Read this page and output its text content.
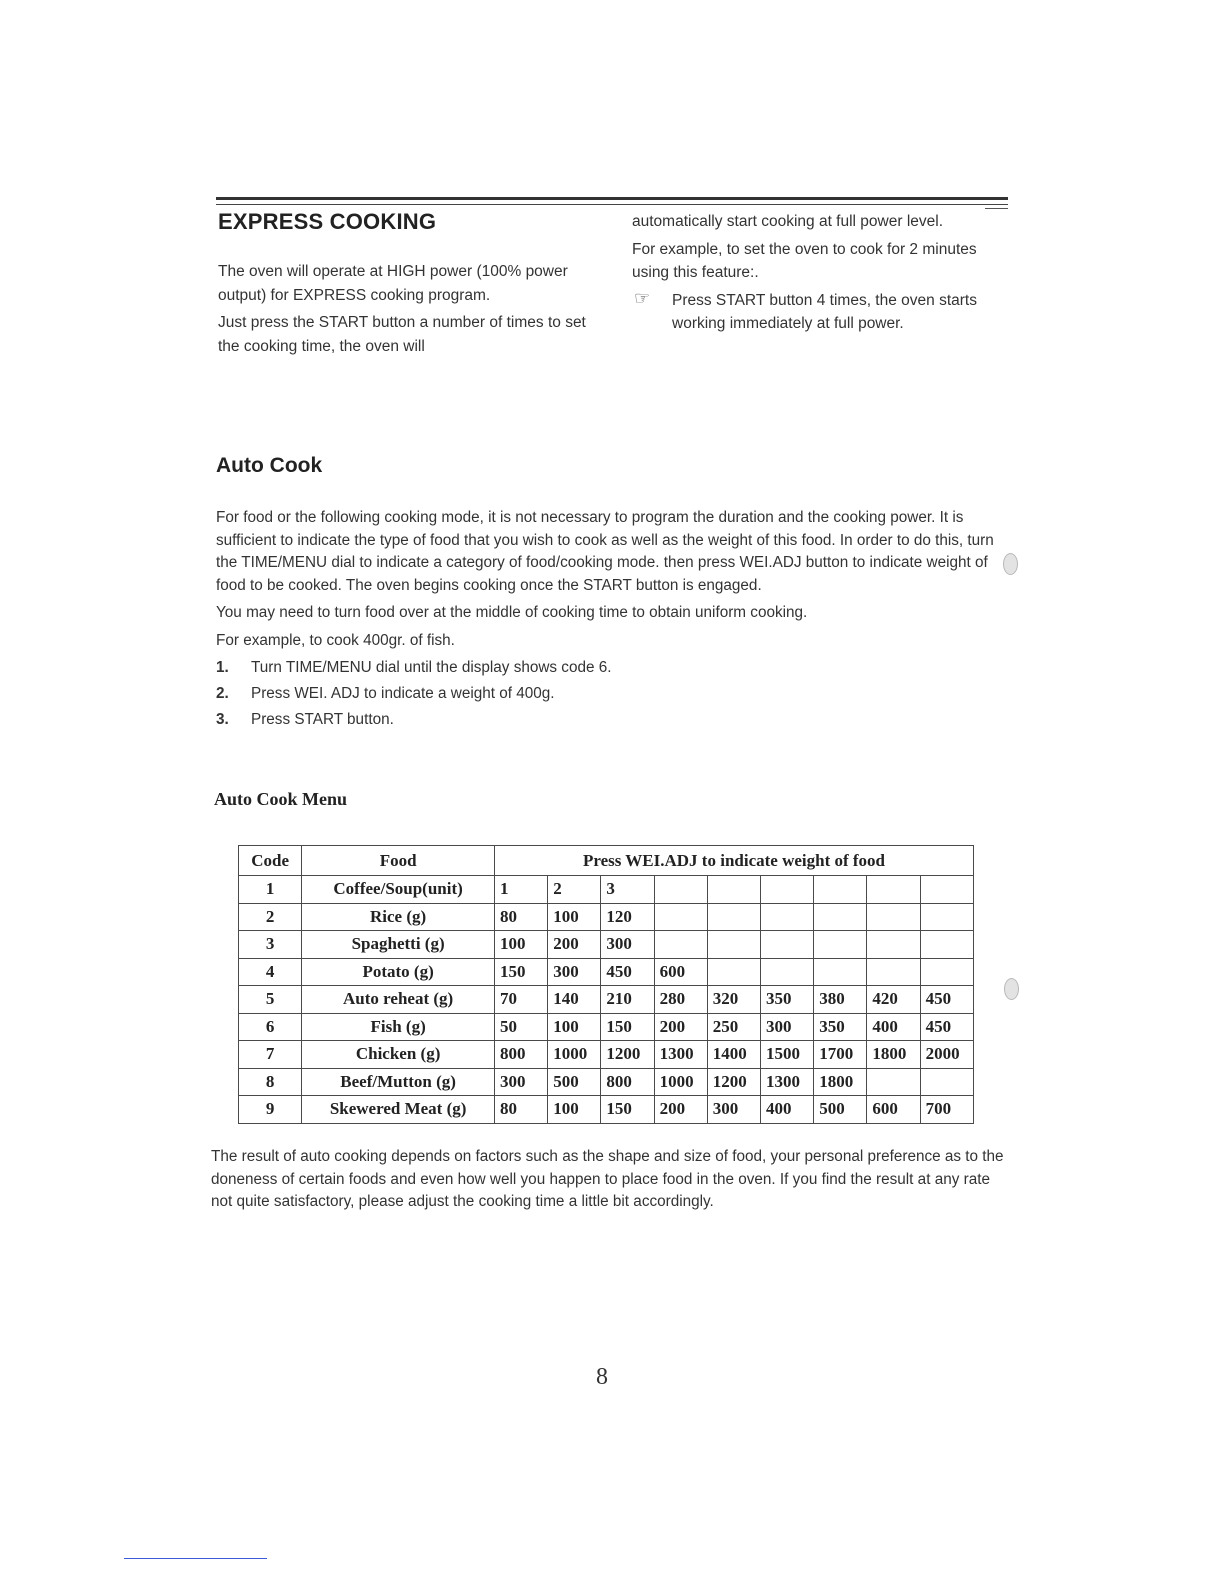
EXPRESS COOKING

The oven will operate at HIGH power (100% power output) for EXPRESS cooking program.

Just press the START button a number of times to set the cooking time, the oven will

automatically start cooking at full power level.

For example, to set the oven to cook for 2 minutes using this feature:.

☞ Press START button 4 times, the oven starts working immediately at full power.
Auto Cook

For food or the following cooking mode, it is not necessary to program the duration and the cooking power. It is sufficient to indicate the type of food that you wish to cook as well as the weight of this food. In order to do this, turn the TIME/MENU dial to indicate a category of food/cooking mode. then press WEI.ADJ button to indicate weight of food to be cooked. The oven begins cooking once the START button is engaged.

You may need to turn food over at the middle of cooking time to obtain uniform cooking.

For example, to cook 400gr. of fish.

1. Turn TIME/MENU dial until the display shows code 6.
2. Press WEI. ADJ to indicate a weight of 400g.
3. Press START button.
Auto Cook Menu
Code	Food	Press WEI.ADJ to indicate weight of food								
1	Coffee/Soup(unit)	1	2	3						
2	Rice (g)	80	100	120						
3	Spaghetti (g)	100	200	300						
4	Potato (g)	150	300	450	600					
5	Auto reheat (g)	70	140	210	280	320	350	380	420	450
6	Fish (g)	50	100	150	200	250	300	350	400	450
7	Chicken (g)	800	1000	1200	1300	1400	1500	1700	1800	2000
8	Beef/Mutton (g)	300	500	800	1000	1200	1300	1800		
9	Skewered Meat (g)	80	100	150	200	300	400	500	600	700
The result of auto cooking depends on factors such as the shape and size of food, your personal preference as to the doneness of certain foods and even how well you happen to place food in the oven. If you find the result at any rate not quite satisfactory, please adjust the cooking time a little bit accordingly.
8
